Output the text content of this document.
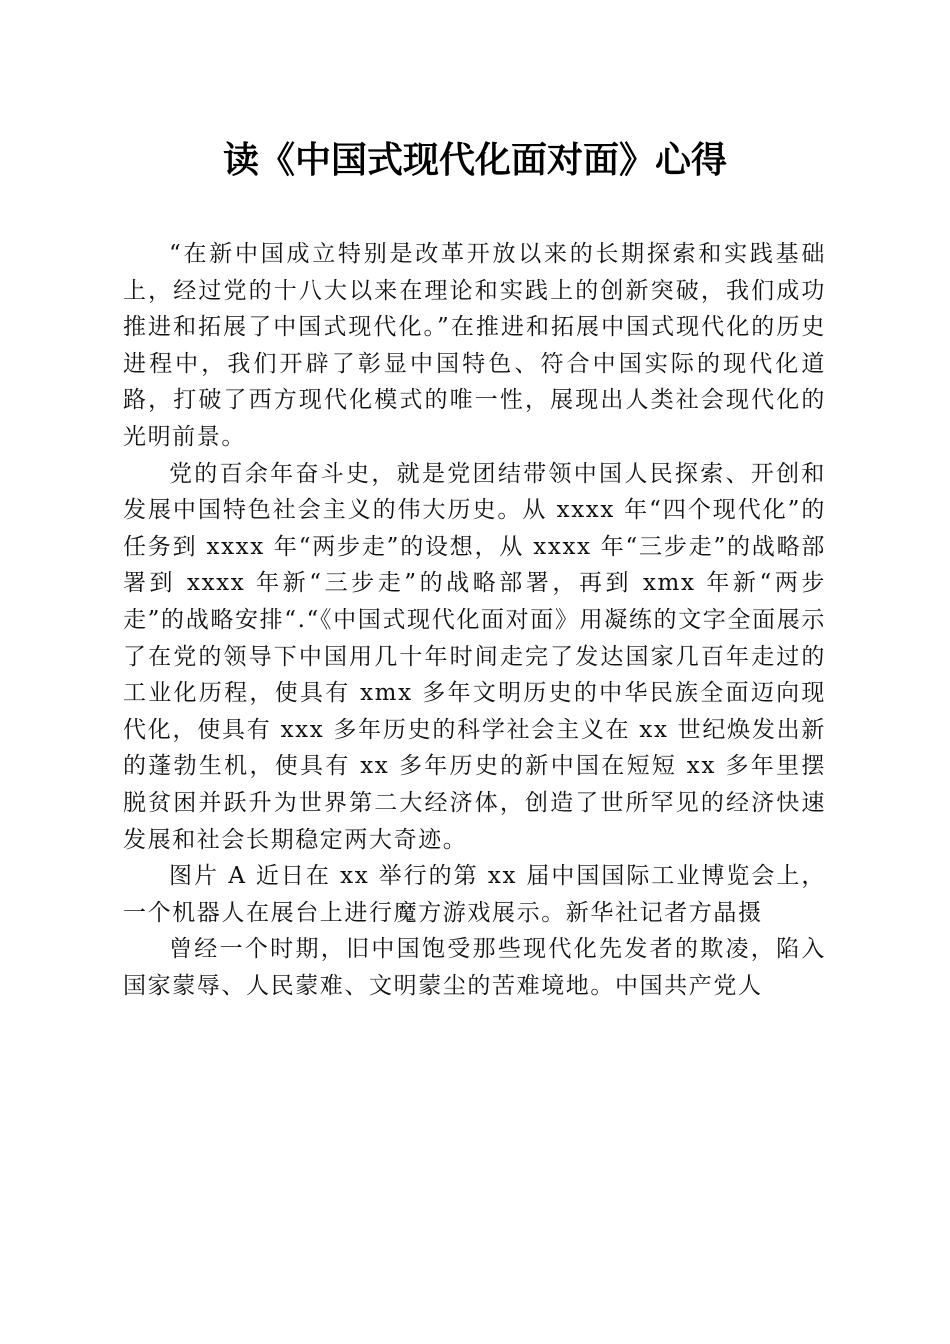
读《中国式现代化面对面》心得

“在新中国成立特别是改革开放以来的长期探索和实践基础上，经过党的十八大以来在理论和实践上的创新突破，我们成功推进和拓展了中国式现代化。”在推进和拓展中国式现代化的历史进程中，我们开辟了彰显中国特色、符合中国实际的现代化道路，打破了西方现代化模式的唯一性，展现出人类社会现代化的光明前景。

党的百余年奋斗史，就是党团结带领中国人民探索、开创和发展中国特色社会主义的伟大历史。从 xxxx 年“四个现代化”的任务到 xxxx 年“两步走”的设想，从 xxxx 年“三步走”的战略部署到 xxxx 年新“三步走”的战略部署，再到 xmx 年新“两步走”的战略安排“.“《中国式现代化面对面》用凝练的文字全面展示了在党的领导下中国用几十年时间走完了发达国家几百年走过的工业化历程，使具有 xmx 多年文明历史的中华民族全面迈向现代化，使具有 xxx 多年历史的科学社会主义在 xx 世纪焕发出新的蓬勃生机，使具有 xx 多年历史的新中国在短短 xx 多年里摆脱贫困并跃升为世界第二大经济体，创造了世所罕见的经济快速发展和社会长期稳定两大奇迹。

图片 A 近日在 xx 举行的第 xx 届中国国际工业博览会上，一个机器人在展台上进行魔方游戏展示。新华社记者方晶摄

曾经一个时期，旧中国饱受那些现代化先发者的欺凌，陷入国家蒙辱、人民蒙难、文明蒙尘的苦难境地。中国共产党人
